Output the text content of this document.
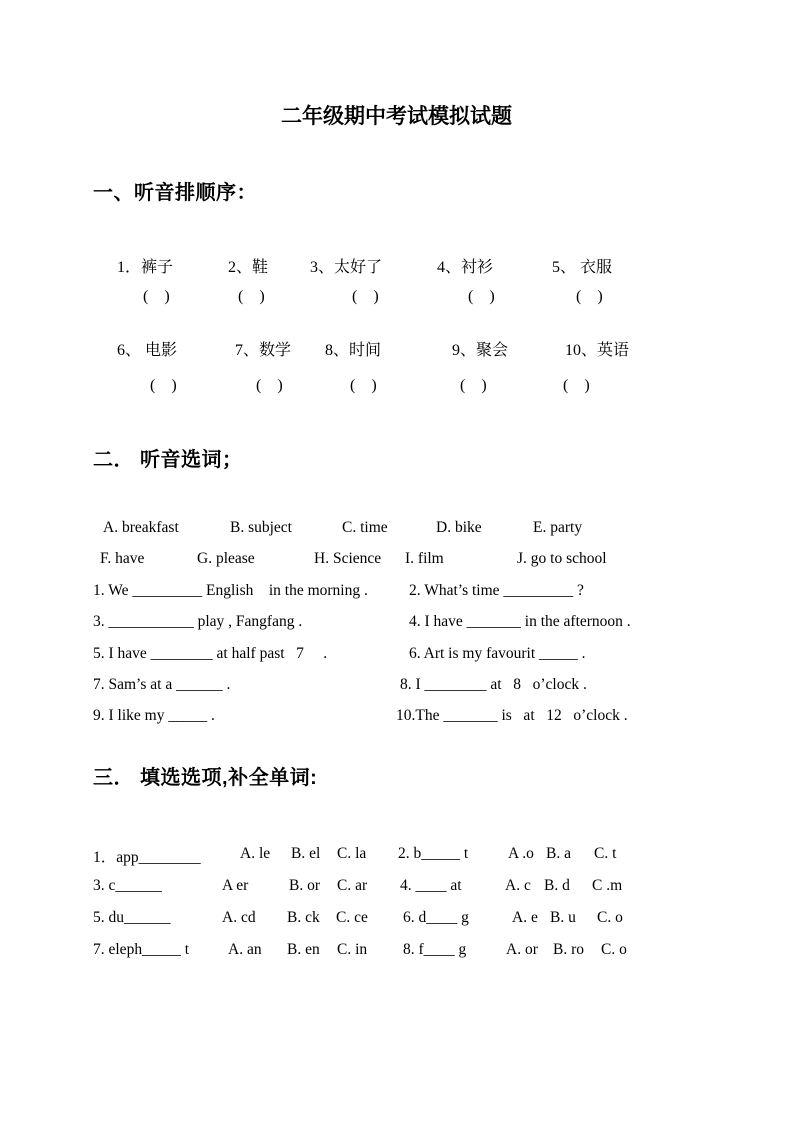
二年级期中考试模拟试题
一、听音排顺序：
1．裤子	2、鞋	3、太好了	4、衬衫	5、 衣服
(    )	(    )	(    )	(    )	(    )
6、 电影	7、数学 8、时间	9、聚会	10、英语
(    )	(    )	(    )	(    )	(    )
二． 听音选词；
A. breakfast	B. subject	C. time	D. bike	E. party
F. have	G. please	H. Science I. film	J. go to school
1. We _________ English    in the morning .	2. What’s time _________ ?
3. ___________ play , Fangfang .	4. I have _______ in the afternoon .
5. I have ________ at half past   7     .	6. Art is my favourit _____ .
7. Sam’s at a ______ .	8. I ________ at   8   o’clock .
9. I like my _____ .	10.The _______ is   at   12   o’clock .
三． 填选选项,补全单词:
1．app________	A. le B. el C. la 2. b_____ t	A .o B. a C. t
3. c______	A er	B. or C. ar 4. ____ at	A. c B. d C .m
5. du______	A. cd B. ck C. ce 6. d____ g	A. e B. u C. o
7. eleph_____ t	A. an B. en C. in 8. f____ g	A. or B. ro C. o
